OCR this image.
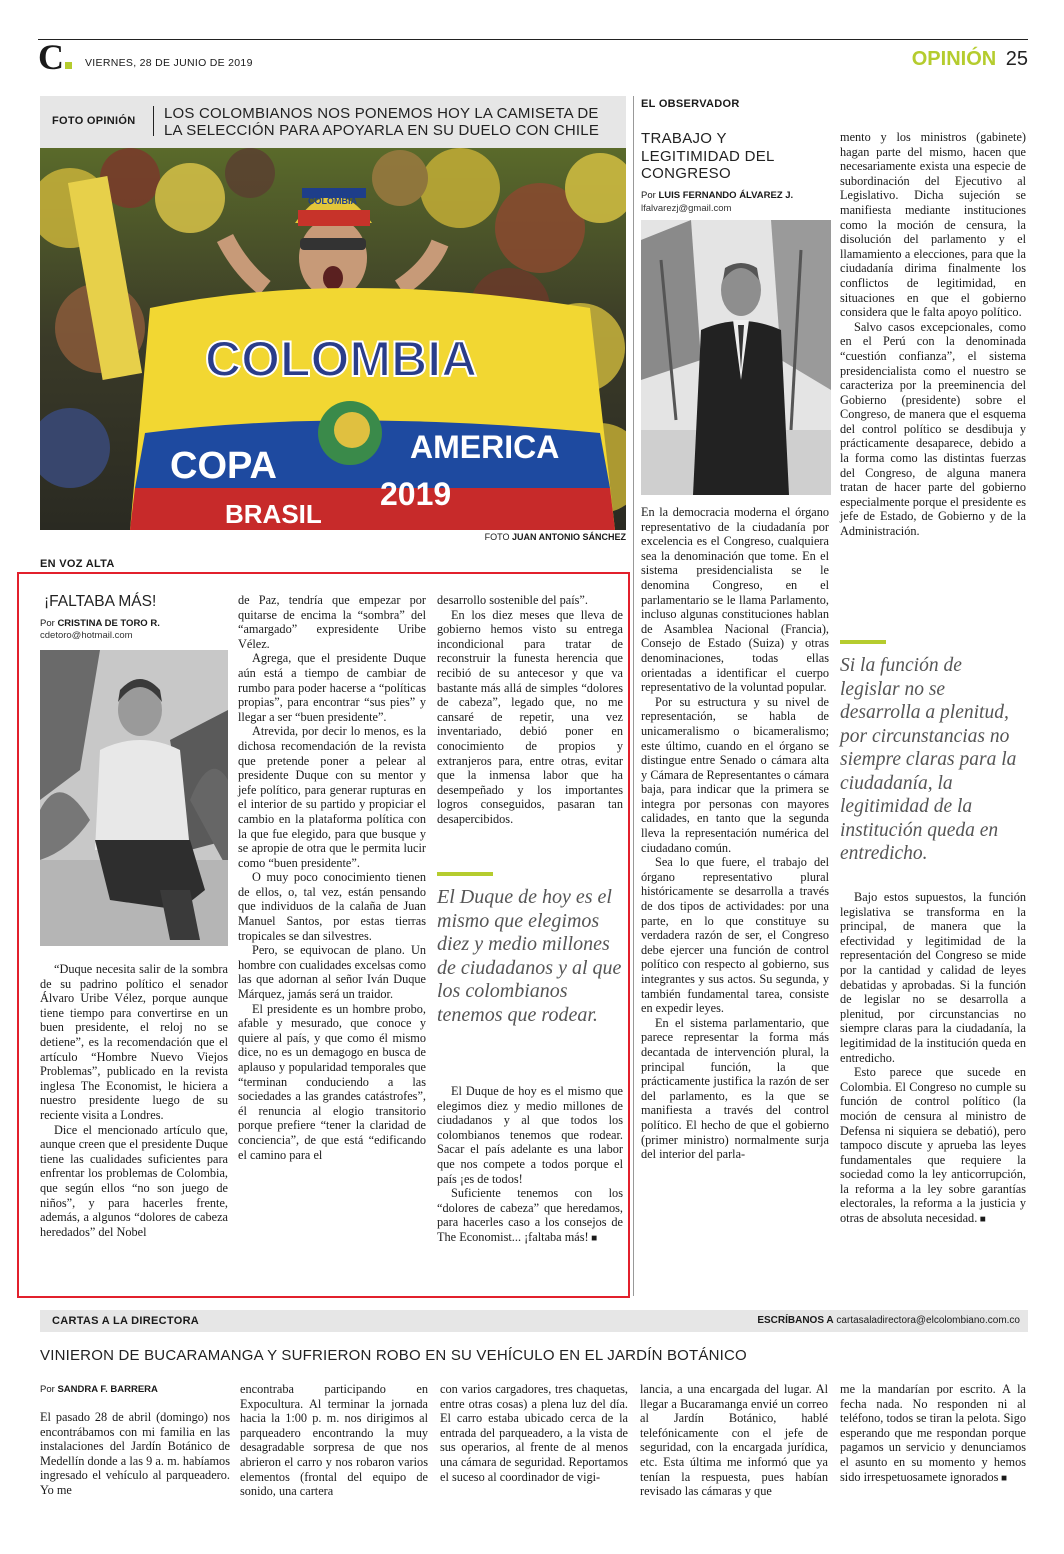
C	VIERNES, 28 DE JUNIO DE 2019	OPINIÓN 25
FOTO OPINIÓN LOS COLOMBIANOS NOS PONEMOS HOY LA CAMISETA DE
LA SELECCIÓN PARA APOYARLA EN SU DUELO CON CHILE
COLOMBIA
COLOMBIA
COPA	AMERICA
BRASIL
2019
FOTO JUAN ANTONIO SÁNCHEZ
EN VOZ ALTA
¡FALTABA MÁS!
Por CRISTINA DE TORO R.
cdetoro@hotmail.com

“Duque necesita salir de la sombra de su padrino político el senador Álvaro Uribe Vélez, porque aunque tiene tiempo para convertirse en un buen presidente, el reloj no se detiene”, es la recomendación que el artículo “Hombre Nuevo Viejos Problemas”, publicado en la revista inglesa The Economist, le hiciera a nuestro presidente luego de su reciente visita a Londres.

Dice el mencionado artículo que, aunque creen que el presidente Duque tiene las cualidades suficientes para enfrentar los problemas de Colombia, que según ellos “no son juego de niños”, y para hacerles frente, además, a algunos “dolores de cabeza heredados” del Nobel

de Paz, tendría que empezar por quitarse de encima la “sombra” del “amargado” expresidente Uribe Vélez.

Agrega, que el presidente Duque aún está a tiempo de cambiar de rumbo para poder hacerse a “políticas propias”, para encontrar “sus pies” y llegar a ser “buen presidente”.

Atrevida, por decir lo menos, es la dichosa recomendación de la revista que pretende poner a pelear al presidente Duque con su mentor y jefe político, para generar rupturas en el interior de su partido y propiciar el cambio en la plataforma política con la que fue elegido, para que busque y se apropie de otra que le permita lucir como “buen presidente”.

O muy poco conocimiento tienen de ellos, o, tal vez, están pensando que individuos de la calaña de Juan Manuel Santos, por estas tierras tropicales se dan silvestres.

Pero, se equivocan de plano. Un hombre con cualidades excelsas como las que adornan al señor Iván Duque Márquez, jamás será un traidor.

El presidente es un hombre probo, afable y mesurado, que conoce y quiere al país, y que como él mismo dice, no es un demagogo en busca de aplauso y popularidad temporales que “terminan conduciendo a las sociedades a las grandes catástrofes”, él renuncia al elogio transitorio porque prefiere “tener la claridad de conciencia”, de que está “edificando el camino para el

desarrollo sostenible del país”.

En los diez meses que lleva de gobierno hemos visto su entrega incondicional para tratar de reconstruir la funesta herencia que recibió de su antecesor y que va bastante más allá de simples “dolores de cabeza”, legado que, no me cansaré de repetir, una vez inventariado, debió poner en conocimiento de propios y extranjeros para, entre otras, evitar que la inmensa labor que ha desempeñado y los importantes logros conseguidos, pasaran tan desapercibidos.

El Duque de hoy es el mismo que elegimos diez y medio millones de ciudadanos y al que los colombianos tenemos que rodear.

El Duque de hoy es el mismo que elegimos diez y medio millones de ciudadanos y al que todos los colombianos tenemos que rodear. Sacar el país adelante es una labor que nos compete a todos porque el país ¡es de todos!

Suficiente tenemos con los “dolores de cabeza” que heredamos, para hacerles caso a los consejos de The Economist... ¡faltaba más! ■

EL OBSERVADOR
TRABAJO Y
LEGITIMIDAD DEL
CONGRESO
Por LUIS FERNANDO ÁLVAREZ J.
lfalvarezj@gmail.com

En la democracia moderna el órgano representativo de la ciudadanía por excelencia es el Congreso, cualquiera sea la denominación que tome. En el sistema presidencialista se le denomina Congreso, en el parlamentario se le llama Parlamento, incluso algunas constituciones hablan de Asamblea Nacional (Francia), Consejo de Estado (Suiza) y otras denominaciones, todas ellas orientadas a identificar el cuerpo representativo de la voluntad popular.

Por su estructura y su nivel de representación, se habla de unicameralismo o bicameralismo; este último, cuando en el órgano se distingue entre Senado o cámara alta y Cámara de Representantes o cámara baja, para indicar que la primera se integra por personas con mayores calidades, en tanto que la segunda lleva la representación numérica del ciudadano común.

Sea lo que fuere, el trabajo del órgano representativo plural históricamente se desarrolla a través de dos tipos de actividades: por una parte, en lo que constituye su verdadera razón de ser, el Congreso debe ejercer una función de control político con respecto al gobierno, sus integrantes y sus actos. Su segunda, y también fundamental tarea, consiste en expedir leyes.

En el sistema parlamentario, que parece representar la forma más decantada de intervención plural, la principal función, la que prácticamente justifica la razón de ser del parlamento, es la que se manifiesta a través del control político. El hecho de que el gobierno (primer ministro) normalmente surja del interior del parla-

mento y los ministros (gabinete) hagan parte del mismo, hacen que necesariamente exista una especie de subordinación del Ejecutivo al Legislativo. Dicha sujeción se manifiesta mediante instituciones como la moción de censura, la disolución del parlamento y el llamamiento a elecciones, para que la ciudadanía dirima finalmente los conflictos de legitimidad, en situaciones en que el gobierno considera que le falta apoyo político.

Salvo casos excepcionales, como en el Perú con la denominada “cuestión confianza”, el sistema presidencialista como el nuestro se caracteriza por la preeminencia del Gobierno (presidente) sobre el Congreso, de manera que el esquema del control político se desdibuja y prácticamente desaparece, debido a la forma como las distintas fuerzas del Congreso, de alguna manera tratan de hacer parte del gobierno especialmente porque el presidente es jefe de Estado, de Gobierno y de la Administración.

Si la función de legislar no se desarrolla a plenitud, por circunstancias no siempre claras para la ciudadanía, la legitimidad de la institución queda en entredicho.

Bajo estos supuestos, la función legislativa se transforma en la principal, de manera que la efectividad y legitimidad de la representación del Congreso se mide por la cantidad y calidad de leyes debatidas y aprobadas. Si la función de legislar no se desarrolla a plenitud, por circunstancias no siempre claras para la ciudadanía, la legitimidad de la institución queda en entredicho.

Esto parece que sucede en Colombia. El Congreso no cumple su función de control político (la moción de censura al ministro de Defensa ni siquiera se debatió), pero tampoco discute y aprueba las leyes fundamentales que requiere la sociedad como la ley anticorrupción, la reforma a la ley sobre garantías electorales, la reforma a la justicia y otras de absoluta necesidad. ■

CARTAS A LA DIRECTORA	ESCRÍBANOS A cartasaladirectora@elcolombiano.com.co
VINIERON DE BUCARAMANGA Y SUFRIERON ROBO EN SU VEHÍCULO EN EL JARDÍN BOTÁNICO
Por SANDRA F. BARRERA

El pasado 28 de abril (domingo) nos encontrábamos con mi familia en las instalaciones del Jardín Botánico de Medellín donde a las 9 a. m. habíamos ingresado el vehículo al parqueadero. Yo me

encontraba participando en Expocultura. Al terminar la jornada hacia la 1:00 p. m. nos dirigimos al parqueadero encontrando la muy desagradable sorpresa de que nos abrieron el carro y nos robaron varios elementos (frontal del equipo de sonido, una cartera

con varios cargadores, tres chaquetas, entre otras cosas) a plena luz del día. El carro estaba ubicado cerca de la entrada del parqueadero, a la vista de sus operarios, al frente de al menos una cámara de seguridad. Reportamos el suceso al coordinador de vigi-

lancia, a una encargada del lugar. Al llegar a Bucaramanga envié un correo al Jardín Botánico, hablé telefónicamente con el jefe de seguridad, con la encargada jurídica, etc. Esta última me informó que ya tenían la respuesta, pues habían revisado las cámaras y que

me la mandarían por escrito. A la fecha nada. No responden ni al teléfono, todos se tiran la pelota. Sigo esperando que me respondan porque pagamos un servicio y denunciamos el asunto en su momento y hemos sido irrespetuosamete ignorados ■
